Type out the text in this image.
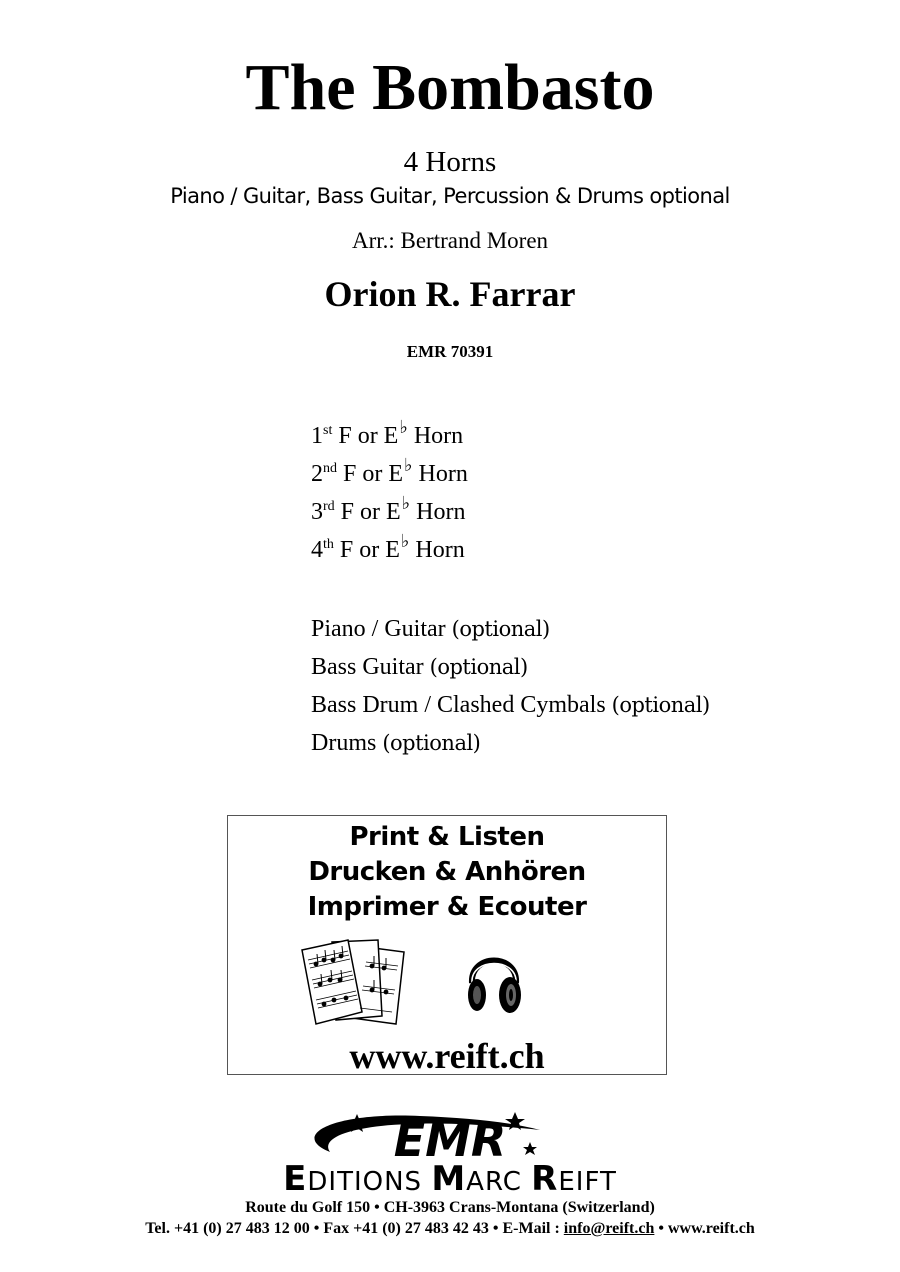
The Bombasto
4 Horns
Piano / Guitar, Bass Guitar, Percussion & Drums optional
Arr.: Bertrand Moren
Orion R. Farrar
EMR 70391
1st F or E♭ Horn
2nd F or E♭ Horn
3rd F or E♭ Horn
4th F or E♭ Horn
Piano / Guitar (optional)
Bass Guitar (optional)
Bass Drum / Clashed Cymbals (optional)
Drums (optional)
Print & Listen
Drucken & Anhören
Imprimer & Ecouter
www.reift.ch
EMR
EDITIONS MARC REIFT
Route du Golf 150 • CH-3963 Crans-Montana (Switzerland)
Tel. +41 (0) 27 483 12 00 • Fax +41 (0) 27 483 42 43 • E-Mail : info@reift.ch • www.reift.ch
